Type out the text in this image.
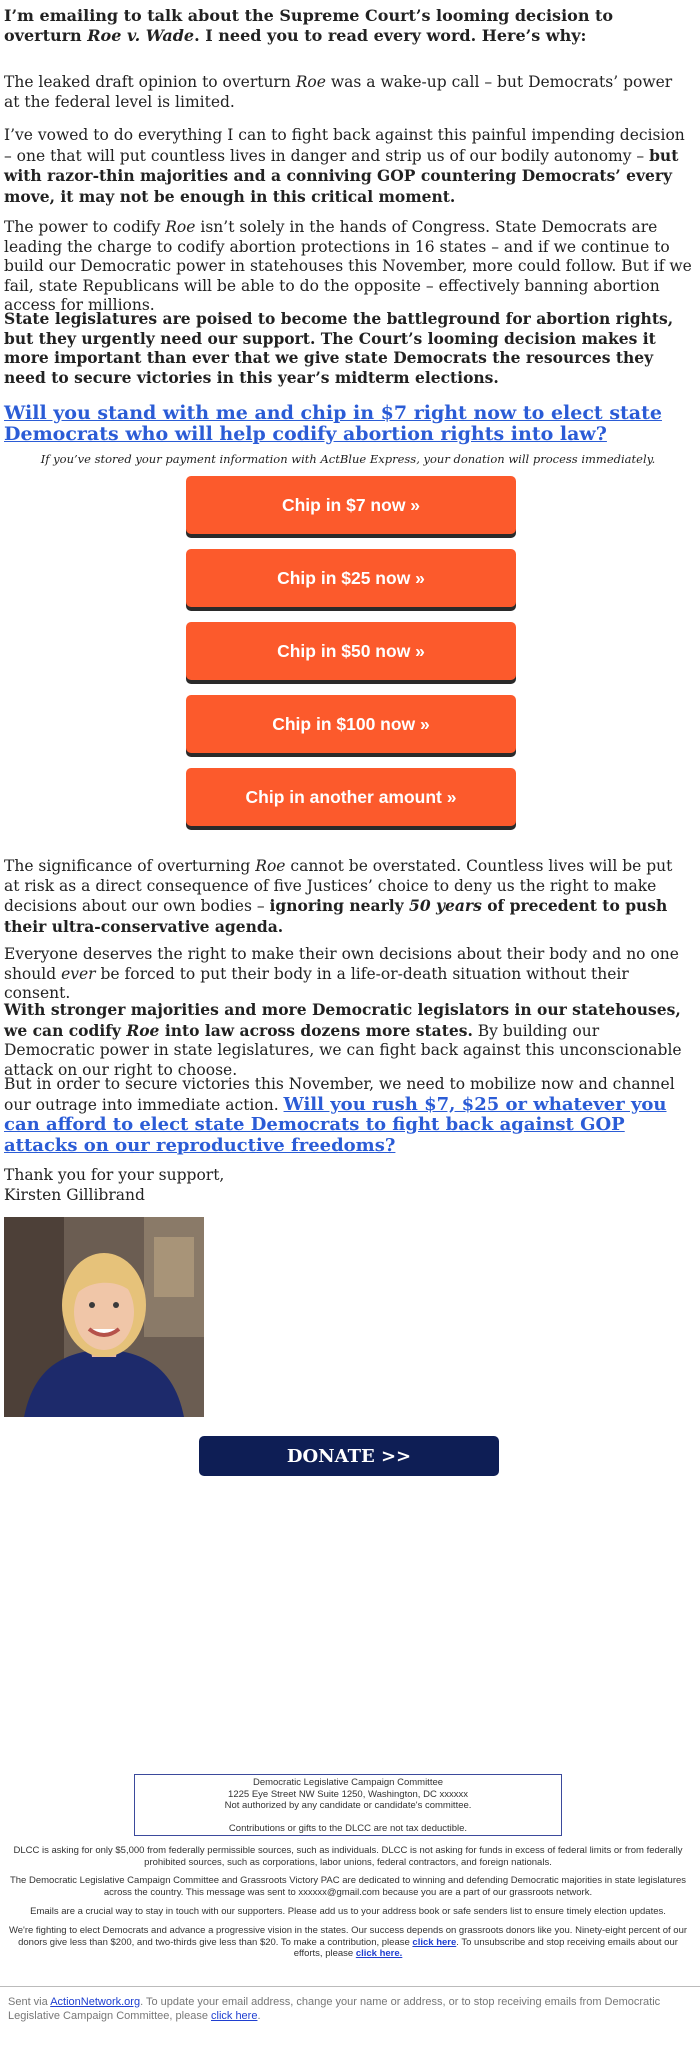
I’m emailing to talk about the Supreme Court’s looming decision to overturn Roe v. Wade. I need you to read every word. Here’s why:

The leaked draft opinion to overturn Roe was a wake-up call – but Democrats’ power at the federal level is limited.

I’ve vowed to do everything I can to fight back against this painful impending decision – one that will put countless lives in danger and strip us of our bodily autonomy – but with razor-thin majorities and a conniving GOP countering Democrats’ every move, it may not be enough in this critical moment.

The power to codify Roe isn’t solely in the hands of Congress. State Democrats are leading the charge to codify abortion protections in 16 states – and if we continue to build our Democratic power in statehouses this November, more could follow. But if we fail, state Republicans will be able to do the opposite – effectively banning abortion access for millions.

State legislatures are poised to become the battleground for abortion rights, but they urgently need our support. The Court’s looming decision makes it more important than ever that we give state Democrats the resources they need to secure victories in this year’s midterm elections.

Will you stand with me and chip in $7 right now to elect state Democrats who will help codify abortion rights into law?

If you’ve stored your payment information with ActBlue Express, your donation will process immediately.
Chip in $7 now »
Chip in $25 now »
Chip in $50 now »
Chip in $100 now »
Chip in another amount »

The significance of overturning Roe cannot be overstated. Countless lives will be put at risk as a direct consequence of five Justices’ choice to deny us the right to make decisions about our own bodies – ignoring nearly 50 years of precedent to push their ultra-conservative agenda.

Everyone deserves the right to make their own decisions about their body and no one should ever be forced to put their body in a life-or-death situation without their consent.

With stronger majorities and more Democratic legislators in our statehouses, we can codify Roe into law across dozens more states. By building our Democratic power in state legislatures, we can fight back against this unconscionable attack on our right to choose.

But in order to secure victories this November, we need to mobilize now and channel our outrage into immediate action. Will you rush $7, $25 or whatever you can afford to elect state Democrats to fight back against GOP attacks on our reproductive freedoms?

Thank you for your support,
Kirsten Gillibrand

DONATE >>
Democratic Legislative Campaign Committee
1225 Eye Street NW Suite 1250, Washington, DC xxxxxx
Not authorized by any candidate or candidate's committee.
Contributions or gifts to the DLCC are not tax deductible.
DLCC is asking for only $5,000 from federally permissible sources, such as individuals. DLCC is not asking for funds in excess of federal limits or from federally prohibited sources, such as corporations, labor unions, federal contractors, and foreign nationals.
The Democratic Legislative Campaign Committee and Grassroots Victory PAC are dedicated to winning and defending Democratic majorities in state legislatures across the country. This message was sent to xxxxxx@gmail.com because you are a part of our grassroots network.
Emails are a crucial way to stay in touch with our supporters. Please add us to your address book or safe senders list to ensure timely election updates.
We're fighting to elect Democrats and advance a progressive vision in the states. Our success depends on grassroots donors like you. Ninety-eight percent of our donors give less than $200, and two-thirds give less than $20. To make a contribution, please click here. To unsubscribe and stop receiving emails about our efforts, please click here.
Sent via ActionNetwork.org. To update your email address, change your name or address, or to stop receiving emails from Democratic Legislative Campaign Committee, please click here.
